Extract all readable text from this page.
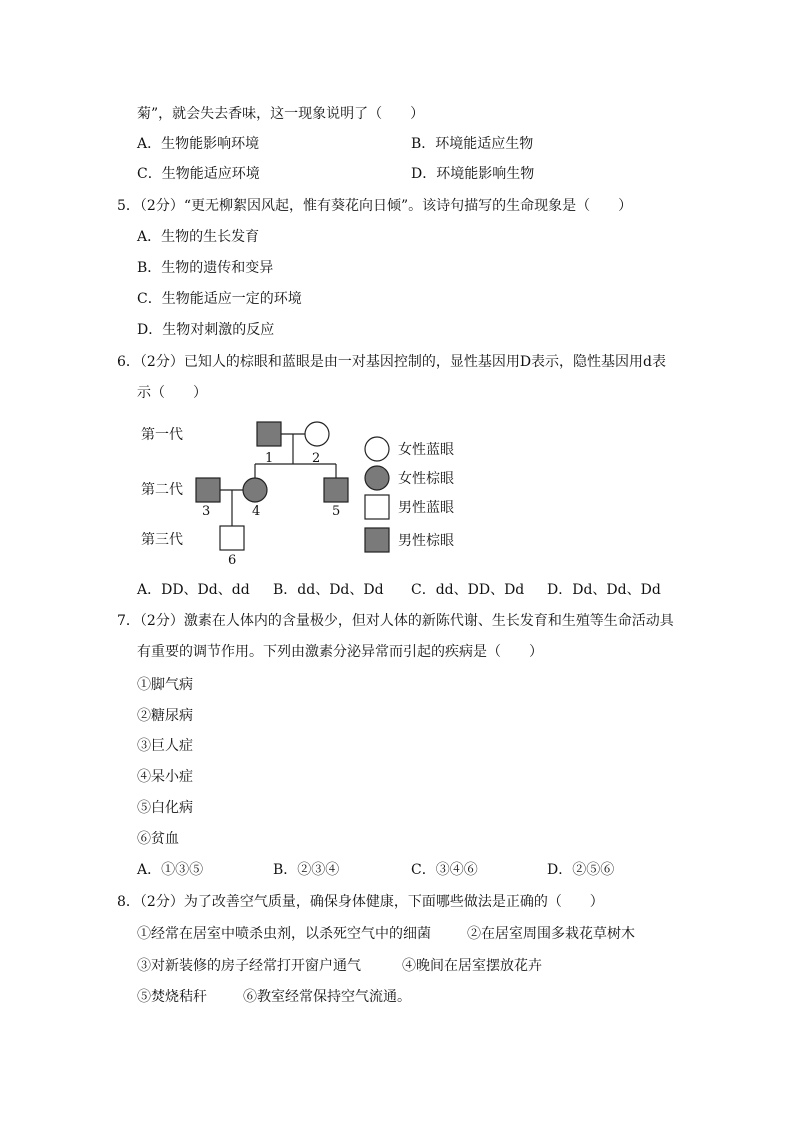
菊”，就会失去香味，这一现象说明了（　　）
A．生物能影响环境	B．环境能适应生物
C．生物能适应环境	D．环境能影响生物
5．（2分）“更无柳絮因风起，惟有葵花向日倾”。该诗句描写的生命现象是（　　）
A．生物的生长发育
B．生物的遗传和变异
C．生物能适应一定的环境
D．生物对刺激的反应
6．（2分）已知人的棕眼和蓝眼是由一对基因控制的，显性基因用D表示，隐性基因用d表
示（　　）
第一代
第二代
第三代
1	2
3	4	5
6
女性蓝眼
女性棕眼
男性蓝眼
男性棕眼
A．DD、Dd、dd B．dd、Dd、Dd C．dd、DD、Dd D．Dd、Dd、Dd
7．（2分）激素在人体内的含量极少，但对人体的新陈代谢、生长发育和生殖等生命活动具
有重要的调节作用。下列由激素分泌异常而引起的疾病是（　　）
①脚气病
②糖尿病
③巨人症
④呆小症
⑤白化病
⑥贫血
A．①③⑤	B．②③④	C．③④⑥	D．②⑤⑥
8．（2分）为了改善空气质量，确保身体健康，下面哪些做法是正确的（　　）
①经常在居室中喷杀虫剂，以杀死空气中的细菌	②在居室周围多栽花草树木
③对新装修的房子经常打开窗户通气	④晚间在居室摆放花卉
⑤焚烧秸秆	⑥教室经常保持空气流通。
